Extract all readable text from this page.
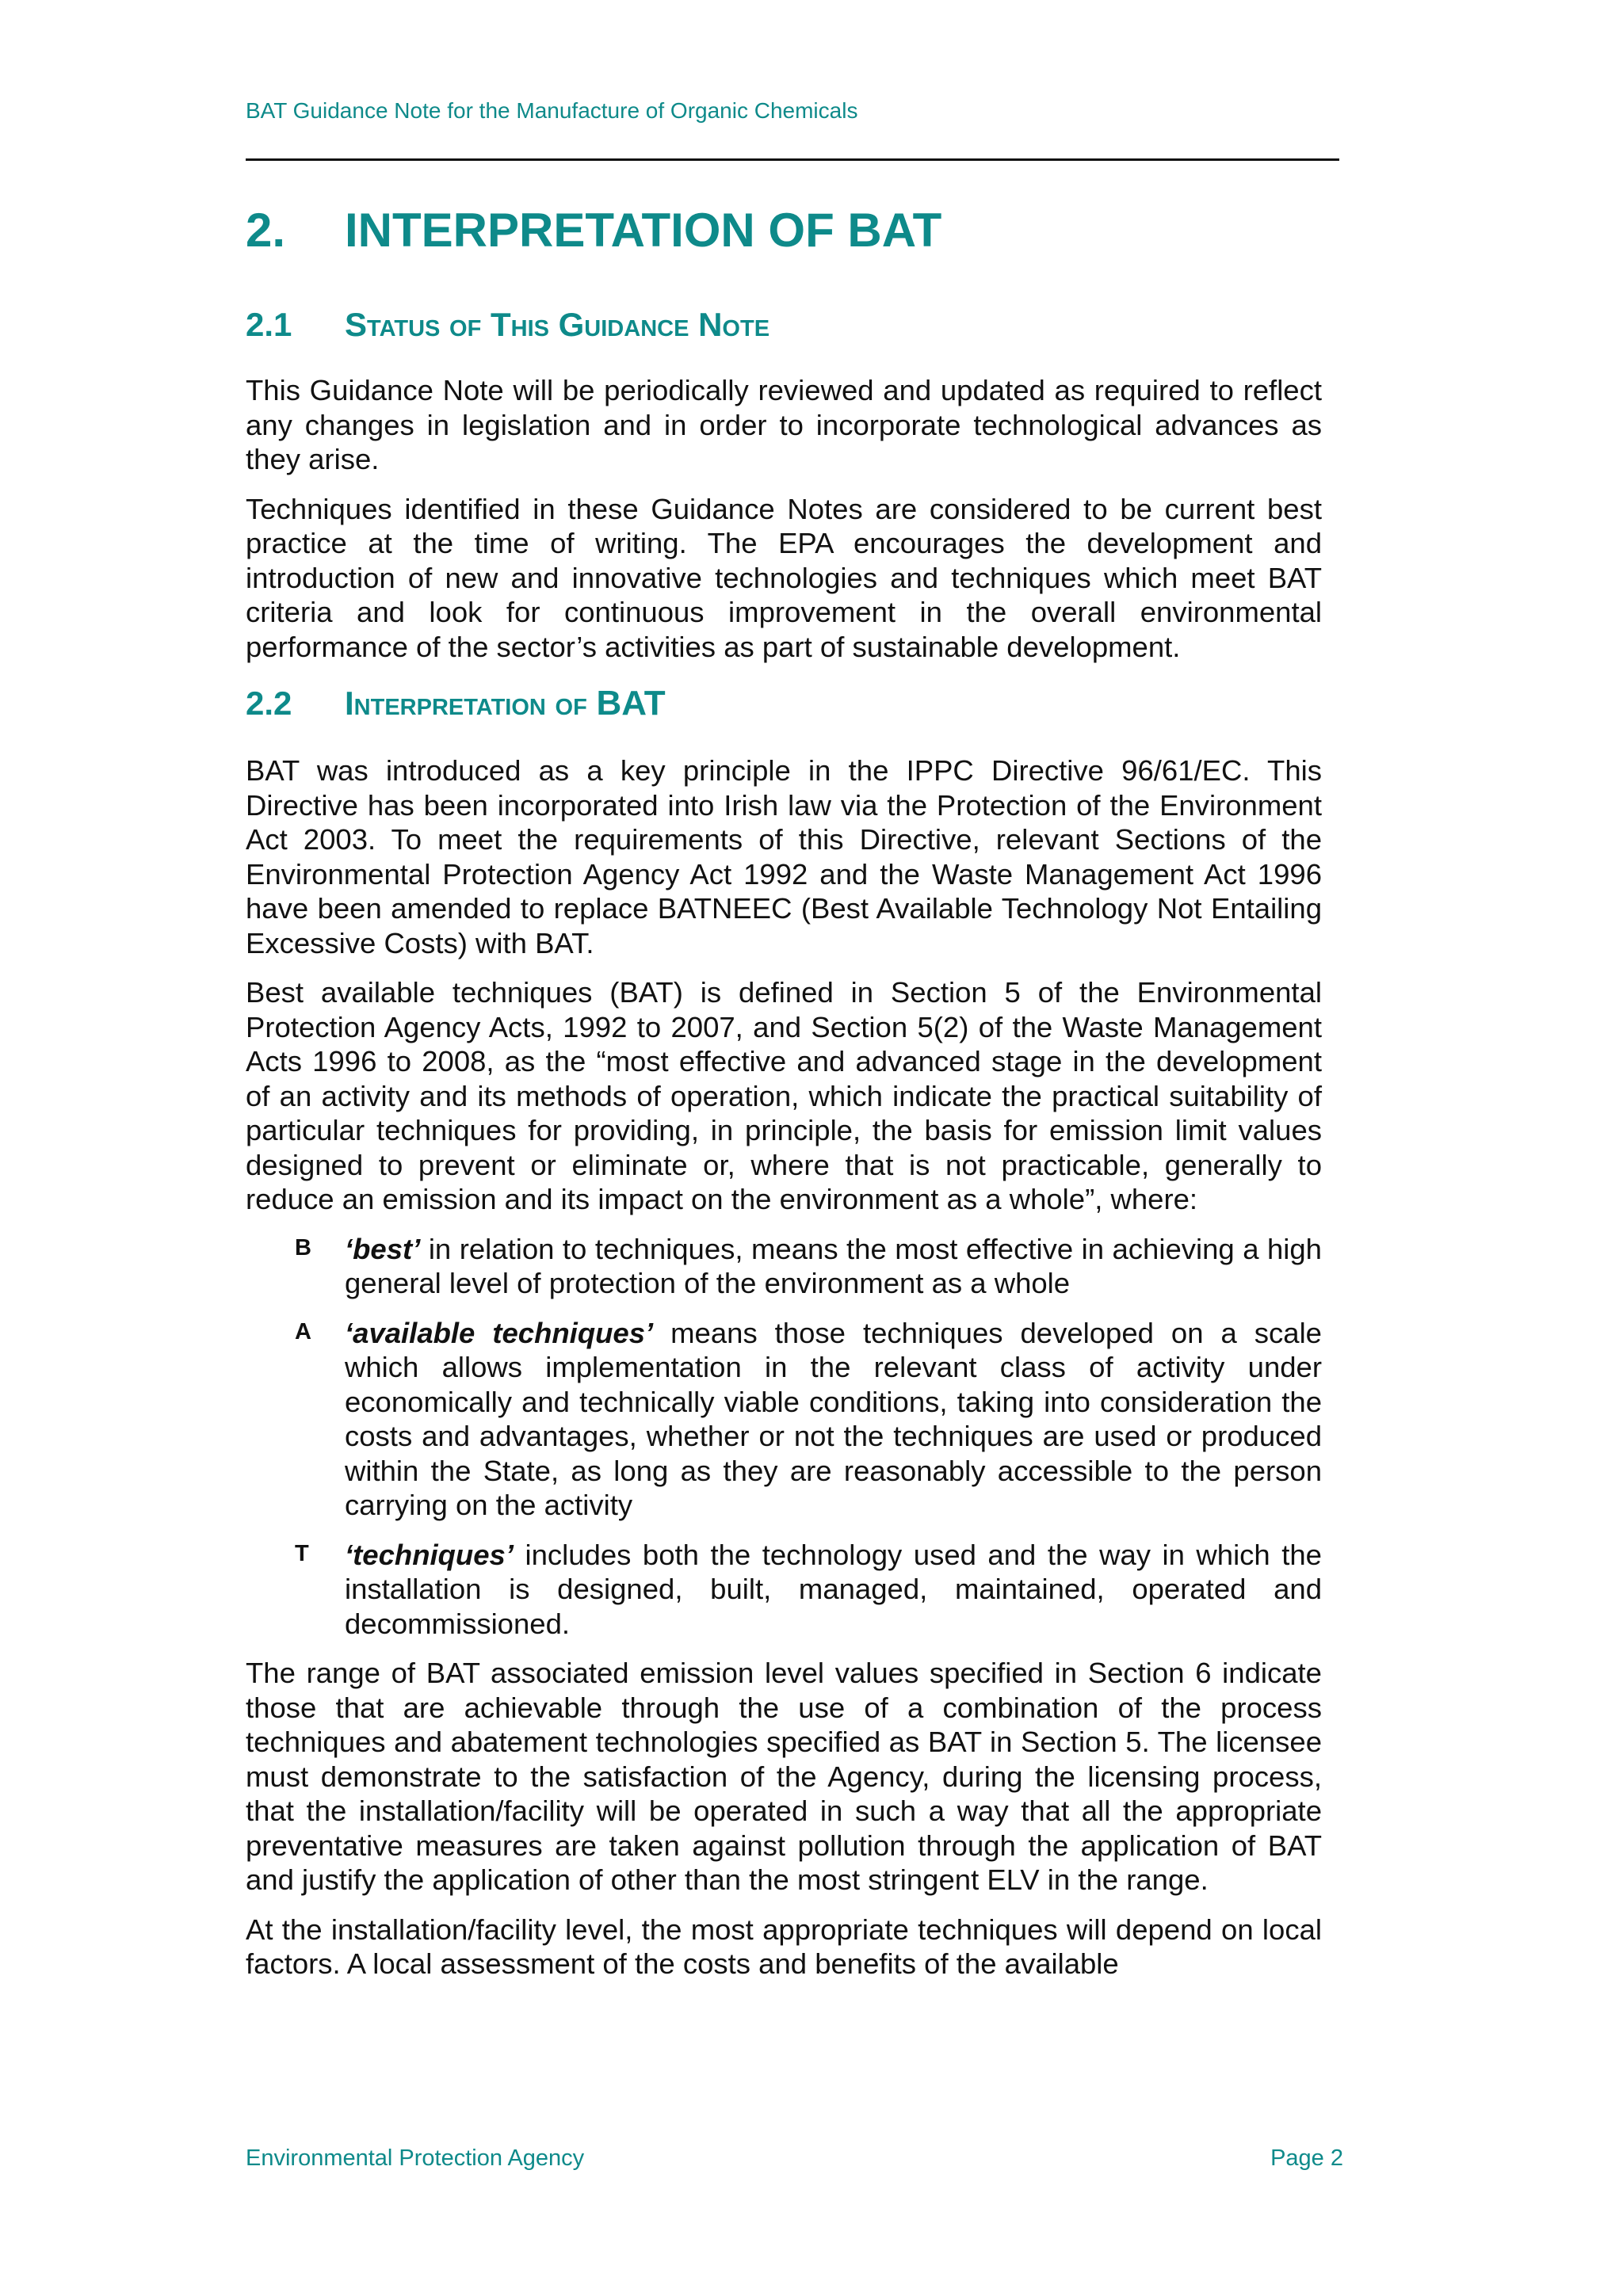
BAT Guidance Note for the Manufacture of Organic Chemicals
2.	INTERPRETATION OF BAT
2.1	Status of This Guidance Note

This Guidance Note will be periodically reviewed and updated as required to reflect any changes in legislation and in order to incorporate technological advances as they arise.

Techniques identified in these Guidance Notes are considered to be current best practice at the time of writing. The EPA encourages the development and introduction of new and innovative technologies and techniques which meet BAT criteria and look for continuous improvement in the overall environmental performance of the sector’s activities as part of sustainable development.

2.2	Interpretation of BAT

BAT was introduced as a key principle in the IPPC Directive 96/61/EC. This Directive has been incorporated into Irish law via the Protection of the Environment Act 2003. To meet the requirements of this Directive, relevant Sections of the Environmental Protection Agency Act 1992 and the Waste Management Act 1996 have been amended to replace BATNEEC (Best Available Technology Not Entailing Excessive Costs) with BAT.

Best available techniques (BAT) is defined in Section 5 of the Environmental Protection Agency Acts, 1992 to 2007, and Section 5(2) of the Waste Management Acts 1996 to 2008, as the “most effective and advanced stage in the development of an activity and its methods of operation, which indicate the practical suitability of particular techniques for providing, in principle, the basis for emission limit values designed to prevent or eliminate or, where that is not practicable, generally to reduce an emission and its impact on the environment as a whole”, where:

B ‘best’ in relation to techniques, means the most effective in achieving a high general level of protection of the environment as a whole

A ‘available techniques’ means those techniques developed on a scale which allows implementation in the relevant class of activity under economically and technically viable conditions, taking into consideration the costs and advantages, whether or not the techniques are used or produced within the State, as long as they are reasonably accessible to the person carrying on the activity

T ‘techniques’ includes both the technology used and the way in which the installation is designed, built, managed, maintained, operated and decommissioned.

The range of BAT associated emission level values specified in Section 6 indicate those that are achievable through the use of a combination of the process techniques and abatement technologies specified as BAT in Section 5. The licensee must demonstrate to the satisfaction of the Agency, during the licensing process, that the installation/facility will be operated in such a way that all the appropriate preventative measures are taken against pollution through the application of BAT and justify the application of other than the most stringent ELV in the range.

At the installation/facility level, the most appropriate techniques will depend on local factors. A local assessment of the costs and benefits of the available

Environmental Protection Agency	Page 2
